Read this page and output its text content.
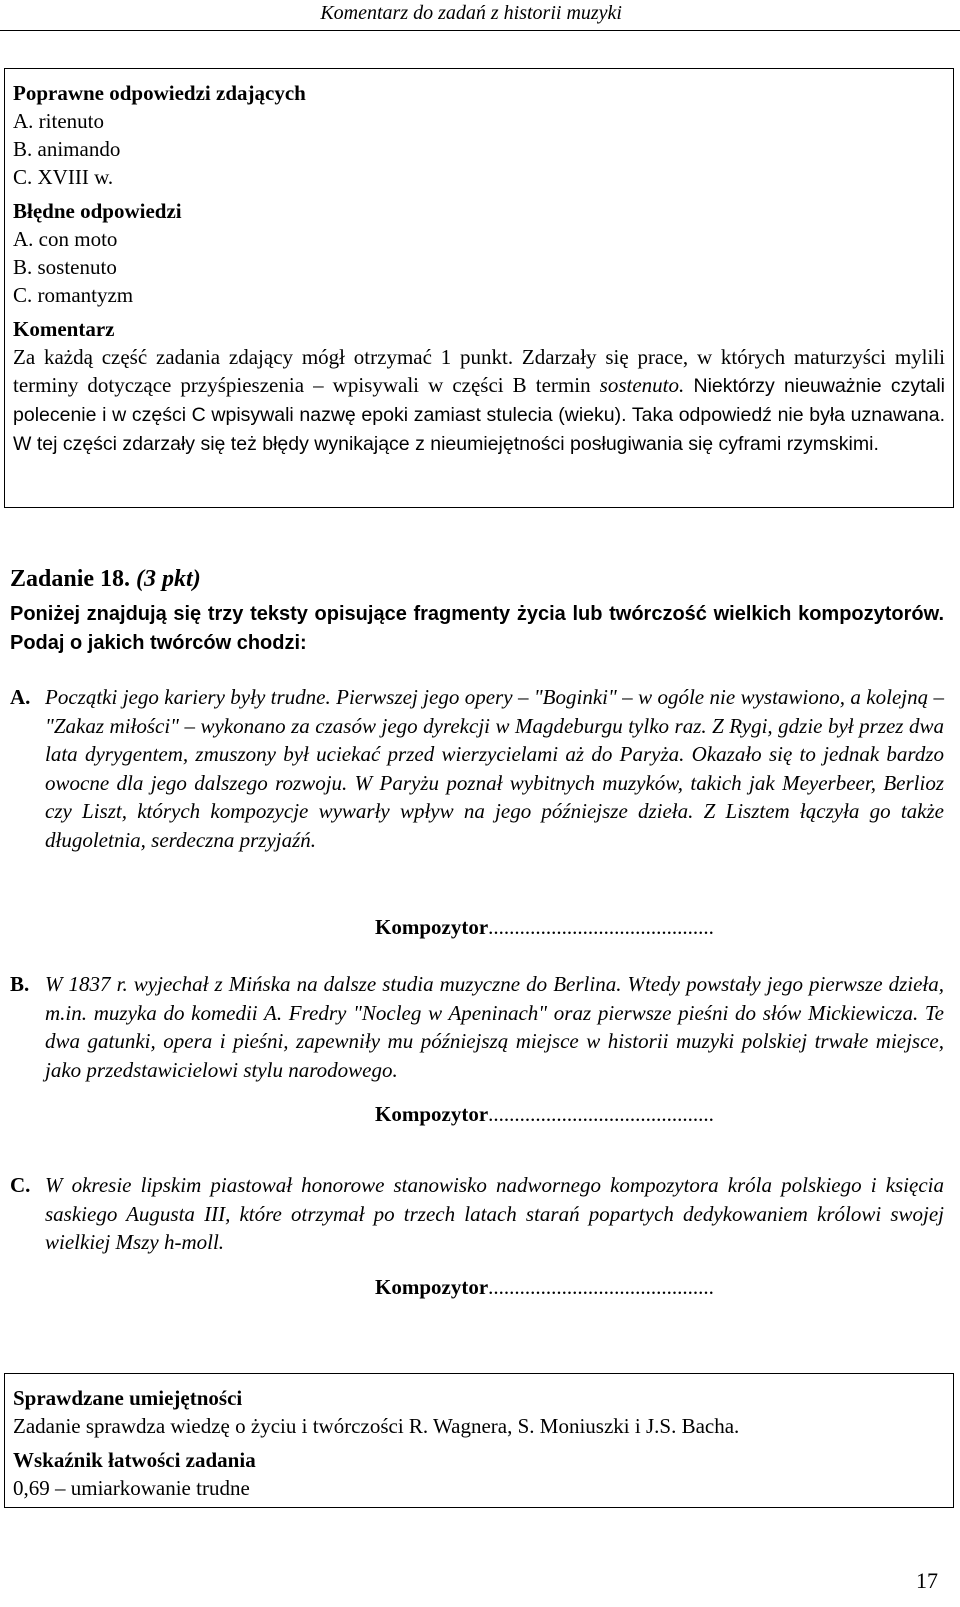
Komentarz do zadań z historii muzyki
Poprawne odpowiedzi zdających
A. ritenuto
B. animando
C. XVIII w.
Błędne odpowiedzi
A. con moto
B. sostenuto
C. romantyzm
Komentarz
Za każdą część zadania zdający mógł otrzymać 1 punkt. Zdarzały się prace, w których maturzyści mylili terminy dotyczące przyśpieszenia – wpisywali w części B termin sostenuto. Niektórzy nieuważnie czytali polecenie i w części C wpisywali nazwę epoki zamiast stulecia (wieku). Taka odpowiedź nie była uznawana. W tej części zdarzały się też błędy wynikające z nieumiejętności posługiwania się cyframi rzymskimi.
Zadanie 18. (3 pkt)
Poniżej znajdują się trzy teksty opisujące fragmenty życia lub twórczość wielkich kompozytorów. Podaj o jakich twórców chodzi:
A. Początki jego kariery były trudne. Pierwszej jego opery – "Boginki" – w ogóle nie wystawiono, a kolejną – "Zakaz miłości" – wykonano za czasów jego dyrekcji w Magdeburgu tylko raz. Z Rygi, gdzie był przez dwa lata dyrygentem, zmuszony był uciekać przed wierzycielami aż do Paryża. Okazało się to jednak bardzo owocne dla jego dalszego rozwoju. W Paryżu poznał wybitnych muzyków, takich jak Meyerbeer, Berlioz czy Liszt, których kompozycje wywarły wpływ na jego późniejsze dzieła. Z Lisztem łączyła go także długoletnia, serdeczna przyjaźń.
Kompozytor...........................................
B. W 1837 r. wyjechał z Mińska na dalsze studia muzyczne do Berlina. Wtedy powstały jego pierwsze dzieła, m.in. muzyka do komedii A. Fredry "Nocleg w Apeninach" oraz pierwsze pieśni do słów Mickiewicza. Te dwa gatunki, opera i pieśni, zapewniły mu późniejszą miejsce w historii muzyki polskiej trwałe miejsce, jako przedstawicielowi stylu narodowego.
Kompozytor...........................................
C. W okresie lipskim piastował honorowe stanowisko nadwornego kompozytora króla polskiego i księcia saskiego Augusta III, które otrzymał po trzech latach starań popartych dedykowaniem królowi swojej wielkiej Mszy h-moll.
Kompozytor...........................................
Sprawdzane umiejętności
Zadanie sprawdza wiedzę o życiu i twórczości R. Wagnera, S. Moniuszki i J.S. Bacha.
Wskaźnik łatwości zadania
0,69 – umiarkowanie trudne
17
